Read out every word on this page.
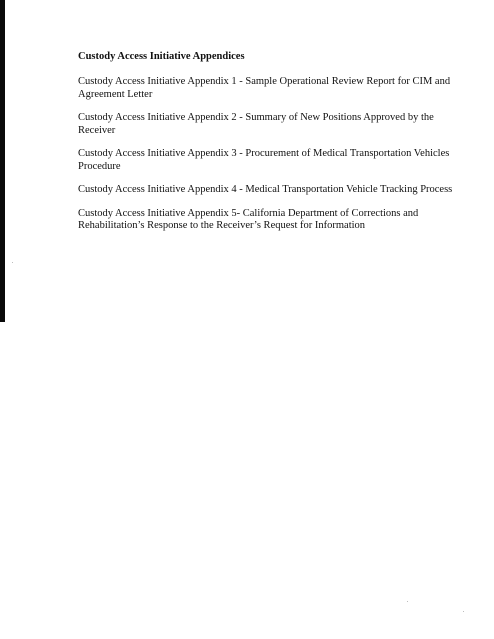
Custody Access Initiative Appendices
Custody Access Initiative Appendix 1 - Sample Operational Review Report for CIM and
Agreement Letter
Custody Access Initiative Appendix 2 - Summary of New Positions Approved by the
Receiver
Custody Access Initiative Appendix 3 - Procurement of Medical Transportation Vehicles
Procedure
Custody Access Initiative Appendix 4 - Medical Transportation Vehicle Tracking Process
Custody Access Initiative Appendix 5- California Department of Corrections and
Rehabilitation’s Response to the Receiver’s Request for Information
